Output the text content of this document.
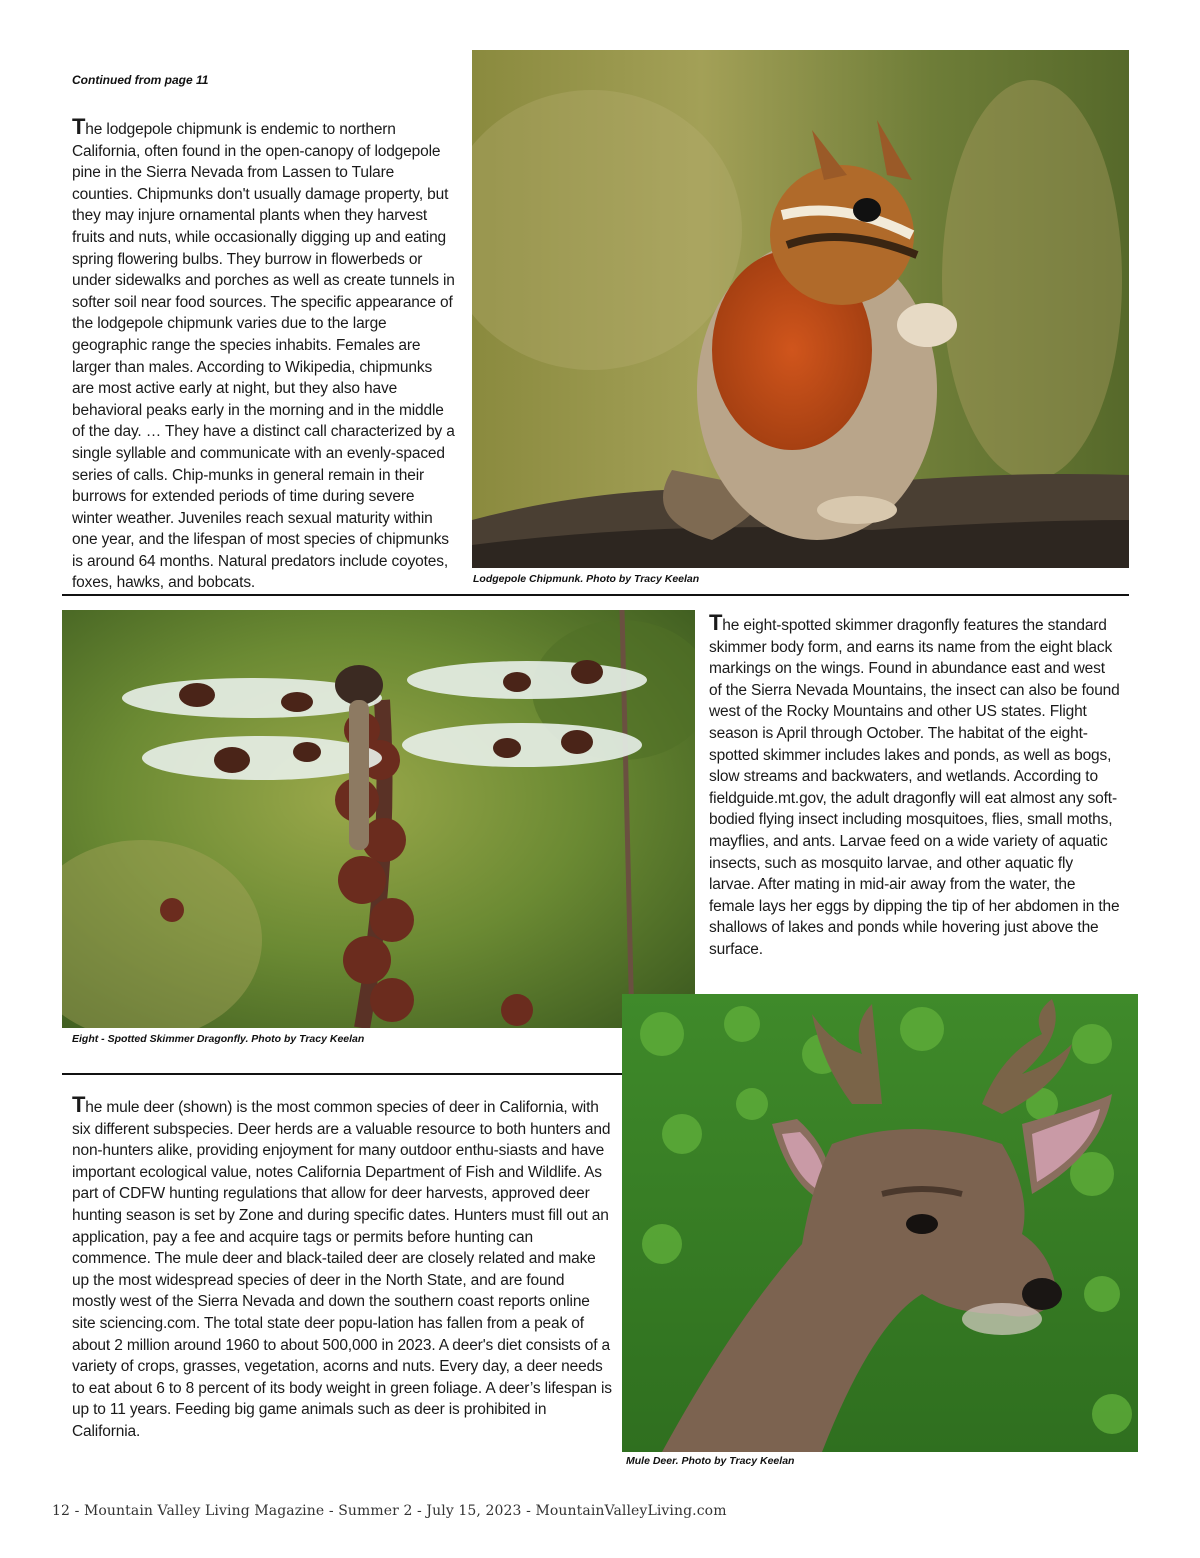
Continued from page 11

The lodgepole chipmunk is endemic to northern California, often found in the open-canopy of lodgepole pine in the Sierra Nevada from Lassen to Tulare counties. Chipmunks don't usually damage property, but they may injure ornamental plants when they harvest fruits and nuts, while occasionally digging up and eating spring flowering bulbs. They burrow in flowerbeds or under sidewalks and porches as well as create tunnels in softer soil near food sources. The specific appearance of the lodgepole chipmunk varies due to the large geographic range the species inhabits. Females are larger than males. According to Wikipedia, chipmunks are most active early at night, but they also have behavioral peaks early in the morning and in the middle of the day. … They have a distinct call characterized by a single syllable and communicate with an evenly-spaced series of calls. Chip-munks in general remain in their burrows for extended periods of time during severe winter weather. Juveniles reach sexual maturity within one year, and the lifespan of most species of chipmunks is around 64 months. Natural predators include coyotes, foxes, hawks, and bobcats.	Lodgepole Chipmunk. Photo by Tracy Keelan
Eight - Spotted Skimmer Dragonfly. Photo by Tracy Keelan

The eight-spotted skimmer dragonfly features the standard skimmer body form, and earns its name from the eight black markings on the wings. Found in abundance east and west of the Sierra Nevada Mountains, the insect can also be found west of the Rocky Mountains and other US states. Flight season is April through October. The habitat of the eight-spotted skimmer includes lakes and ponds, as well as bogs, slow streams and backwaters, and wetlands. According to fieldguide.mt.gov, the adult dragonfly will eat almost any soft-bodied flying insect including mosquitoes, flies, small moths, mayflies, and ants. Larvae feed on a wide variety of aquatic insects, such as mosquito larvae, and other aquatic fly larvae. After mating in mid-air away from the water, the female lays her eggs by dipping the tip of her abdomen in the shallows of lakes and ponds while hovering just above the surface.

The mule deer (shown) is the most common species of deer in California, with six different subspecies. Deer herds are a valuable resource to both hunters and non-hunters alike, providing enjoyment for many outdoor enthu-siasts and have important ecological value, notes California Department of Fish and Wildlife. As part of CDFW hunting regulations that allow for deer harvests, approved deer hunting season is set by Zone and during specific dates. Hunters must fill out an application, pay a fee and acquire tags or permits before hunting can commence. The mule deer and black-tailed deer are closely related and make up the most widespread species of deer in the North State, and are found mostly west of the Sierra Nevada and down the southern coast reports online site sciencing.com. The total state deer popu-lation has fallen from a peak of about 2 million around 1960 to about 500,000 in 2023. A deer's diet consists of a variety of crops, grasses, vegetation, acorns and nuts. Every day, a deer needs to eat about 6 to 8 percent of its body weight in green foliage. A deer’s lifespan is up to 11 years. Feeding big game animals such as deer is prohibited in California.

Mule Deer. Photo by Tracy Keelan
12 - Mountain Valley Living Magazine - Summer 2 - July 15, 2023 - MountainValleyLiving.com
